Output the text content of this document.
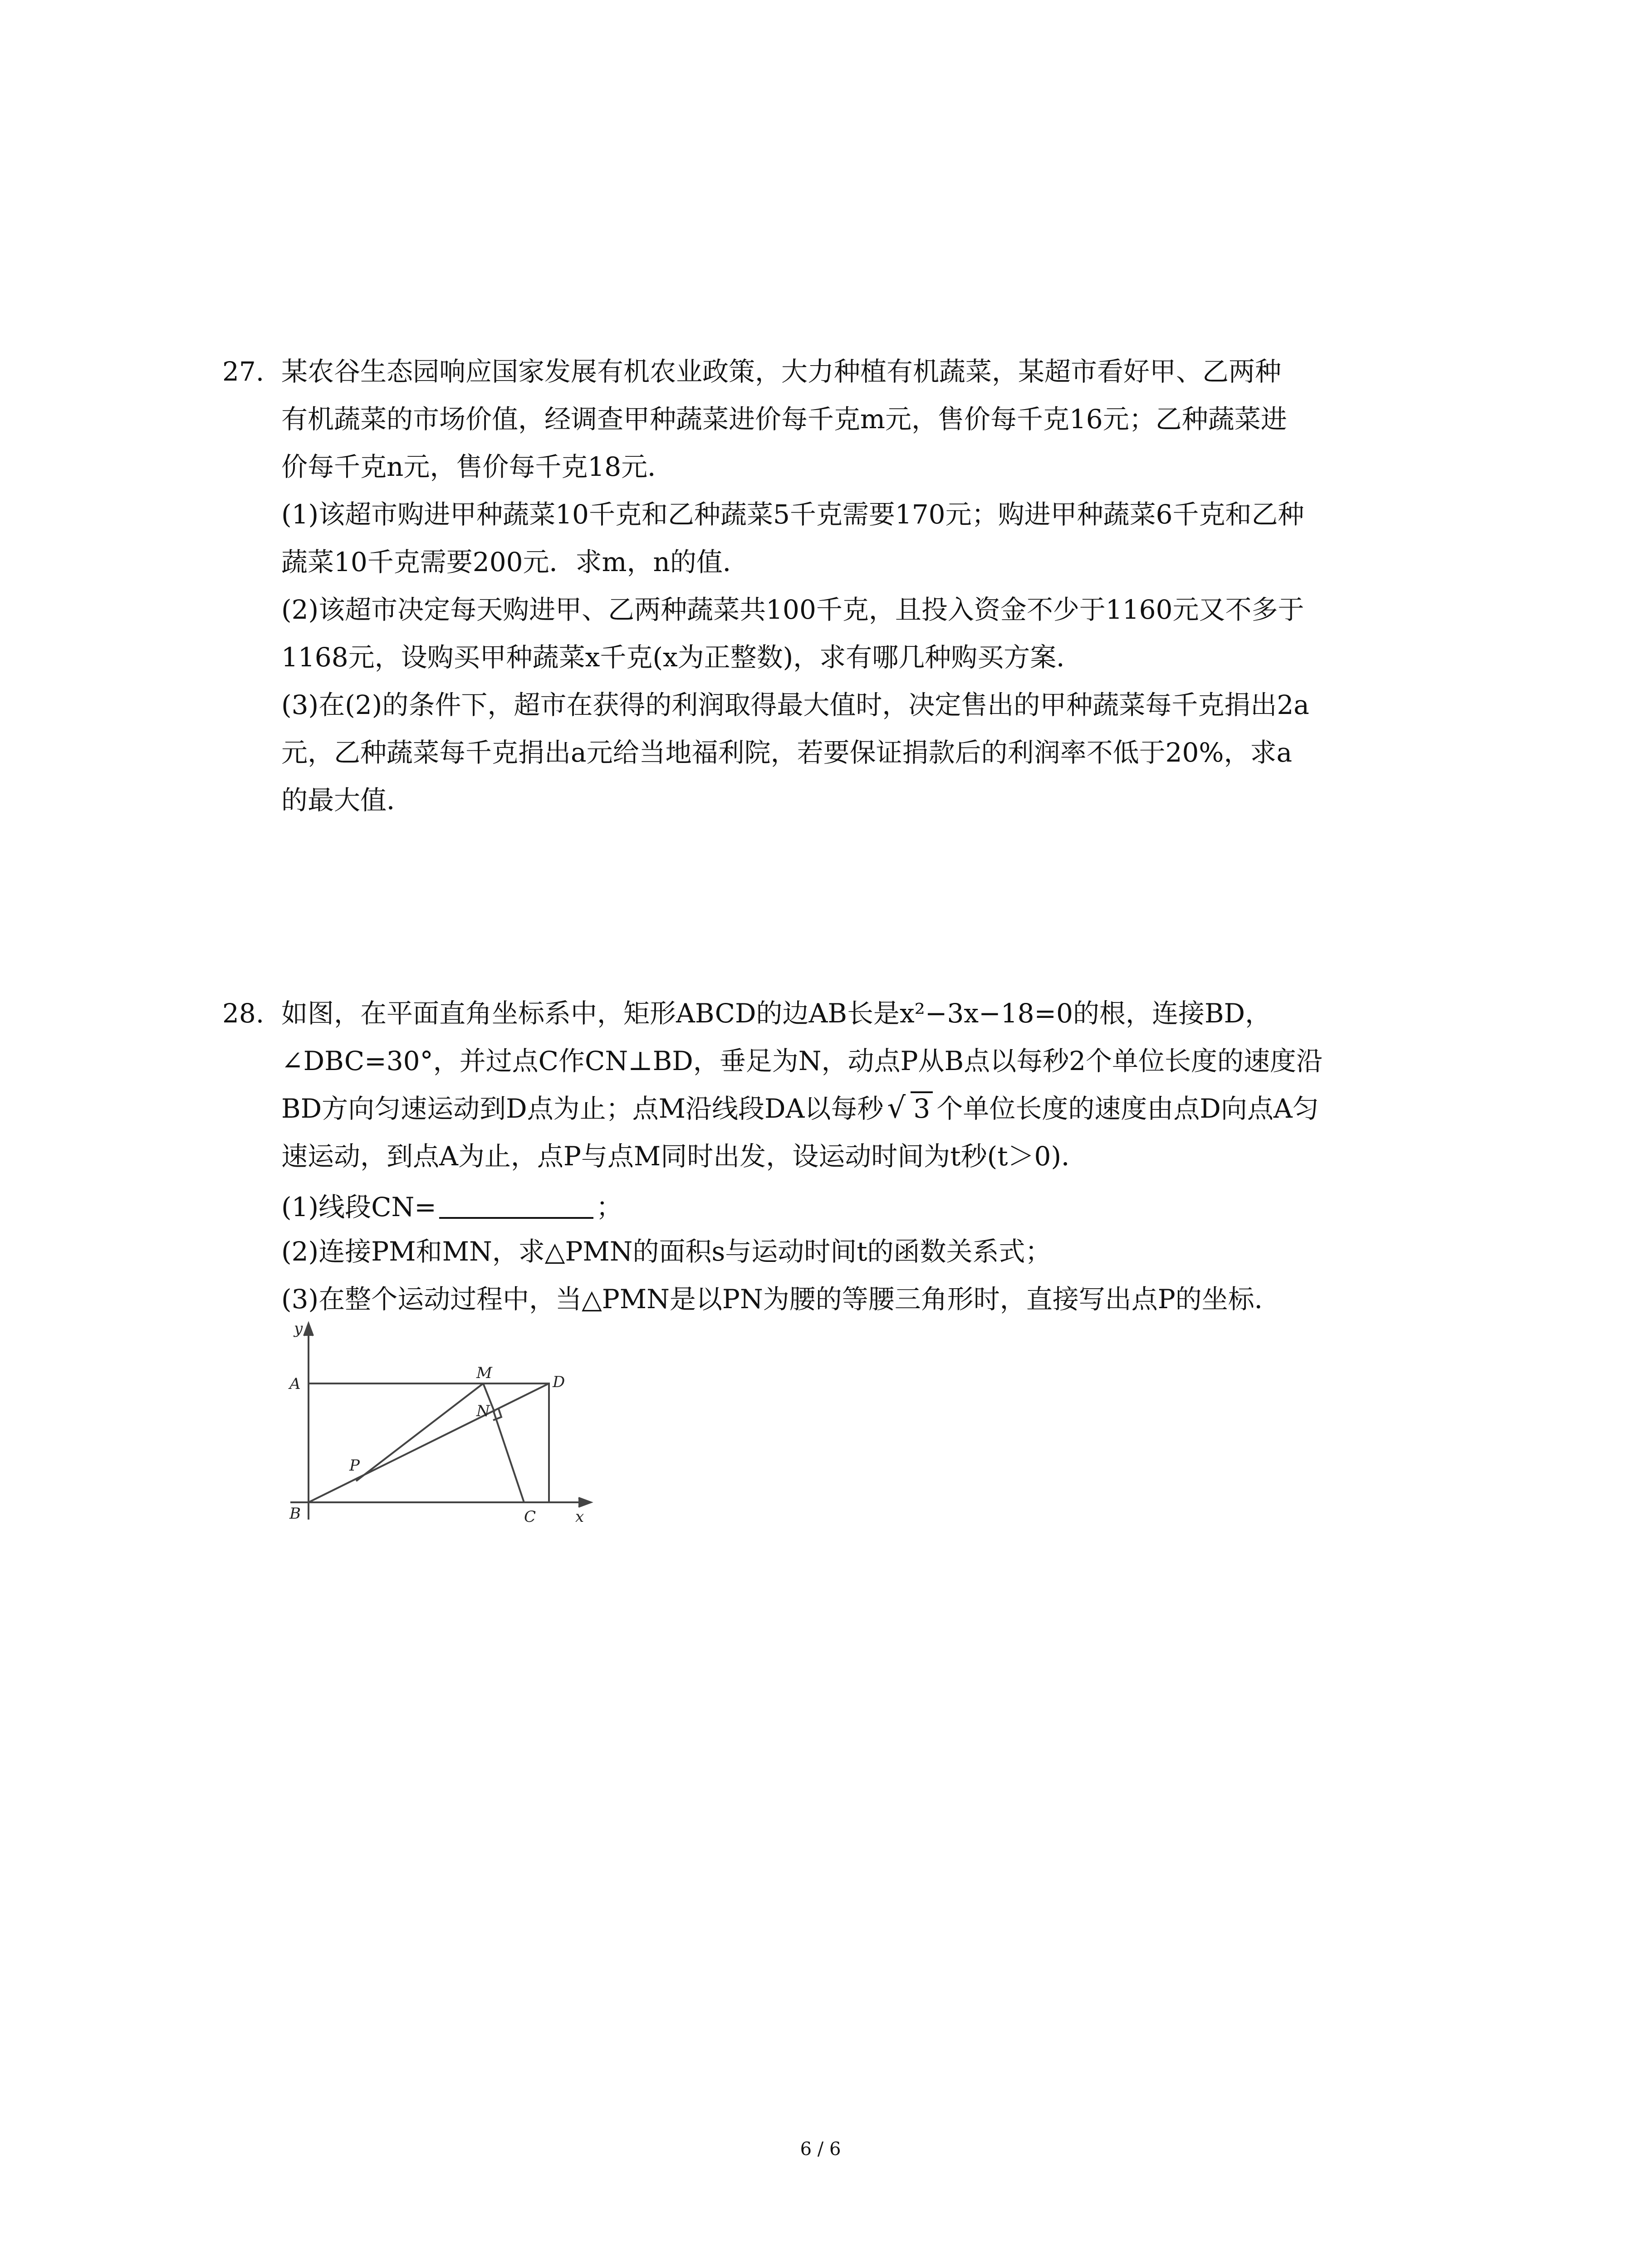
27. 某农谷生态园响应国家发展有机农业政策，大力种植有机蔬菜，某超市看好甲、乙两种
有机蔬菜的市场价值，经调查甲种蔬菜进价每千克m元，售价每千克16元；乙种蔬菜进
价每千克n元，售价每千克18元．
(1)该超市购进甲种蔬菜10千克和乙种蔬菜5千克需要170元；购进甲种蔬菜6千克和乙种
蔬菜10千克需要200元．求m，n的值．
(2)该超市决定每天购进甲、乙两种蔬菜共100千克，且投入资金不少于1160元又不多于
1168元，设购买甲种蔬菜x千克(x为正整数)，求有哪几种购买方案．
(3)在(2)的条件下，超市在获得的利润取得最大值时，决定售出的甲种蔬菜每千克捐出2a
元，乙种蔬菜每千克捐出a元给当地福利院，若要保证捐款后的利润率不低于20%，求a
的最大值．
28. 如图，在平面直角坐标系中，矩形ABCD的边AB长是x²−3x−18=0的根，连接BD，
∠DBC=30°，并过点C作CN⊥BD，垂足为N，动点P从B点以每秒2个单位长度的速度沿
BD方向匀速运动到D点为止；点M沿线段DA以每秒 √ 3 个单位长度的速度由点D向点A匀
速运动，到点A为止，点P与点M同时出发，设运动时间为t秒(t＞0)．
(1)线段CN=	；
(2)连接PM和MN，求△PMN的面积s与运动时间t的函数关系式；
(3)在整个运动过程中，当△PMN是以PN为腰的等腰三角形时，直接写出点P的坐标．
y
x
A
B	C
D
M
N
P
6 / 6
